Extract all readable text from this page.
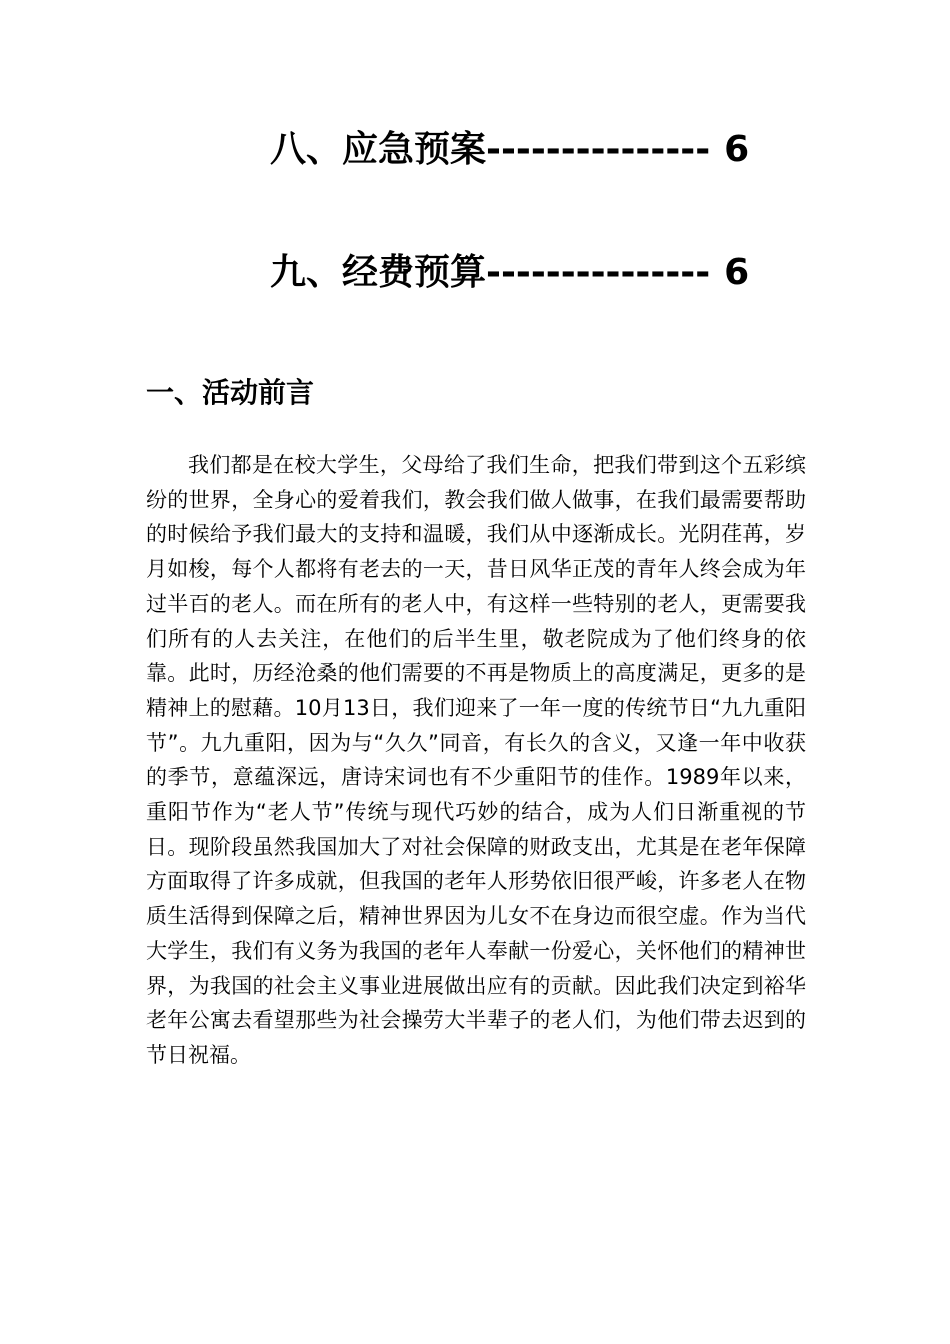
八、应急预案--------------- 6
九、经费预算--------------- 6
一、活动前言

我们都是在校大学生，父母给了我们生命，把我们带到这个五彩缤纷的世界，全身心的爱着我们，教会我们做人做事，在我们最需要帮助的时候给予我们最大的支持和温暖，我们从中逐渐成长。光阴荏苒，岁月如梭，每个人都将有老去的一天，昔日风华正茂的青年人终会成为年过半百的老人。而在所有的老人中，有这样一些特别的老人，更需要我们所有的人去关注，在他们的后半生里，敬老院成为了他们终身的依靠。此时，历经沧桑的他们需要的不再是物质上的高度满足，更多的是精神上的慰藉。10月13日，我们迎来了一年一度的传统节日“九九重阳节”。九九重阳，因为与“久久”同音，有长久的含义，又逢一年中收获的季节，意蕴深远，唐诗宋词也有不少重阳节的佳作。1989年以来，重阳节作为“老人节”传统与现代巧妙的结合，成为人们日渐重视的节日。现阶段虽然我国加大了对社会保障的财政支出，尤其是在老年保障方面取得了许多成就，但我国的老年人形势依旧很严峻，许多老人在物质生活得到保障之后，精神世界因为儿女不在身边而很空虚。作为当代大学生，我们有义务为我国的老年人奉献一份爱心，关怀他们的精神世界，为我国的社会主义事业进展做出应有的贡献。因此我们决定到裕华老年公寓去看望那些为社会操劳大半辈子的老人们，为他们带去迟到的节日祝福。
